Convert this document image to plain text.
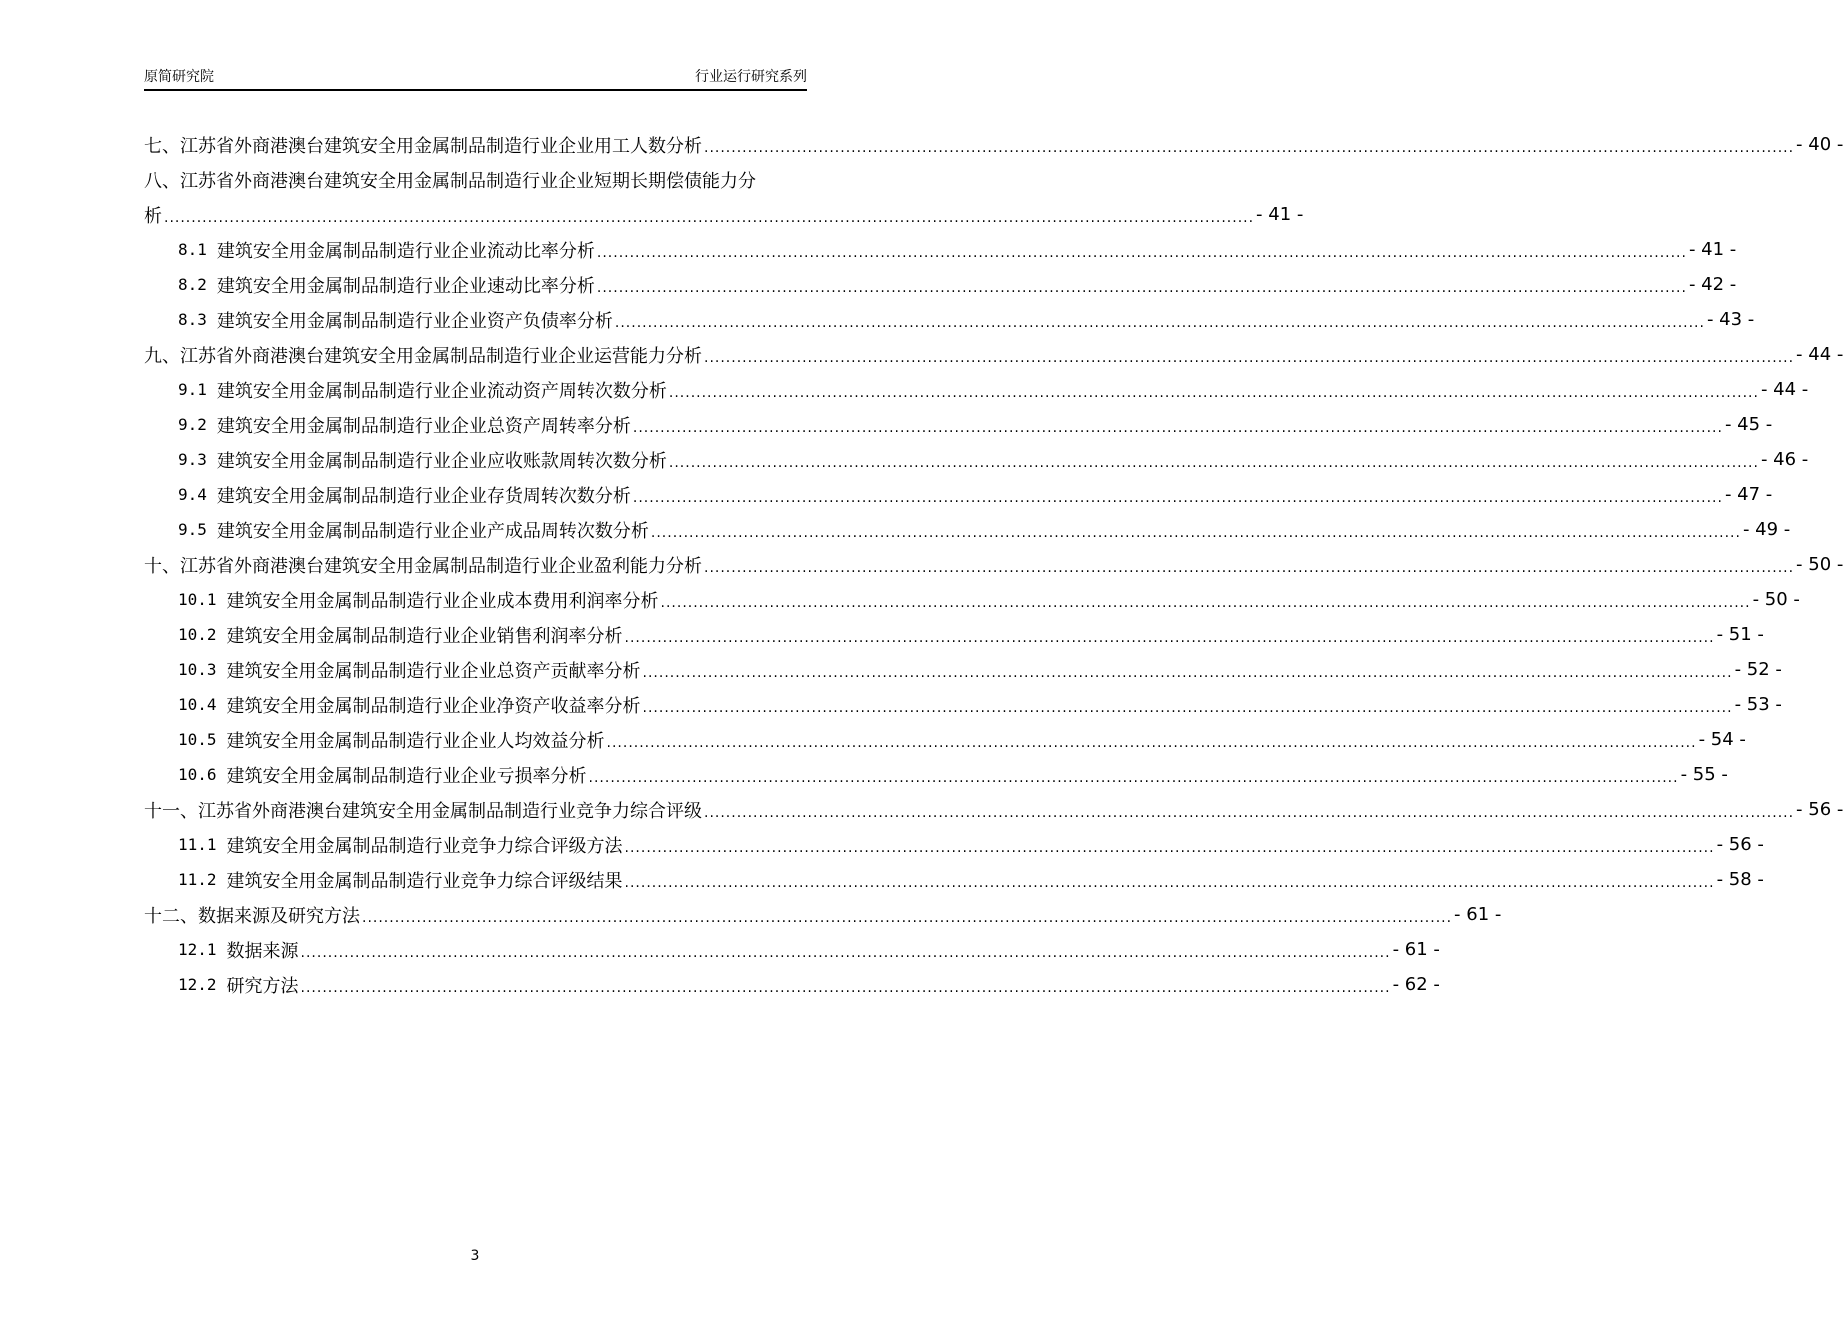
原简研究院	行业运行研究系列
七、江苏省外商港澳台建筑安全用金属制品制造行业企业用工人数分析 ........................................................................................................................................................................................................ - 40 -
八、江苏省外商港澳台建筑安全用金属制品制造行业企业短期长期偿债能力分
析 ........................................................................................................................................................................................................ - 41 -
8.1 建筑安全用金属制品制造行业企业流动比率分析 ........................................................................................................................................................................................................ - 41 -
8.2 建筑安全用金属制品制造行业企业速动比率分析 ........................................................................................................................................................................................................ - 42 -
8.3 建筑安全用金属制品制造行业企业资产负债率分析 ........................................................................................................................................................................................................ - 43 -
九、江苏省外商港澳台建筑安全用金属制品制造行业企业运营能力分析 ........................................................................................................................................................................................................ - 44 -
9.1 建筑安全用金属制品制造行业企业流动资产周转次数分析 ........................................................................................................................................................................................................ - 44 -
9.2 建筑安全用金属制品制造行业企业总资产周转率分析 ........................................................................................................................................................................................................ - 45 -
9.3 建筑安全用金属制品制造行业企业应收账款周转次数分析 ........................................................................................................................................................................................................ - 46 -
9.4 建筑安全用金属制品制造行业企业存货周转次数分析 ........................................................................................................................................................................................................ - 47 -
9.5 建筑安全用金属制品制造行业企业产成品周转次数分析 ........................................................................................................................................................................................................ - 49 -
十、江苏省外商港澳台建筑安全用金属制品制造行业企业盈利能力分析 ........................................................................................................................................................................................................ - 50 -
10.1 建筑安全用金属制品制造行业企业成本费用利润率分析 ........................................................................................................................................................................................................ - 50 -
10.2 建筑安全用金属制品制造行业企业销售利润率分析 ........................................................................................................................................................................................................ - 51 -
10.3 建筑安全用金属制品制造行业企业总资产贡献率分析 ........................................................................................................................................................................................................ - 52 -
10.4 建筑安全用金属制品制造行业企业净资产收益率分析 ........................................................................................................................................................................................................ - 53 -
10.5 建筑安全用金属制品制造行业企业人均效益分析 ........................................................................................................................................................................................................ - 54 -
10.6 建筑安全用金属制品制造行业企业亏损率分析 ........................................................................................................................................................................................................ - 55 -
十一、江苏省外商港澳台建筑安全用金属制品制造行业竞争力综合评级 ........................................................................................................................................................................................................ - 56 -
11.1 建筑安全用金属制品制造行业竞争力综合评级方法 ........................................................................................................................................................................................................ - 56 -
11.2 建筑安全用金属制品制造行业竞争力综合评级结果 ........................................................................................................................................................................................................ - 58 -
十二、数据来源及研究方法 ........................................................................................................................................................................................................ - 61 -
12.1 数据来源 ........................................................................................................................................................................................................ - 61 -
12.2 研究方法 ........................................................................................................................................................................................................ - 62 -
3
